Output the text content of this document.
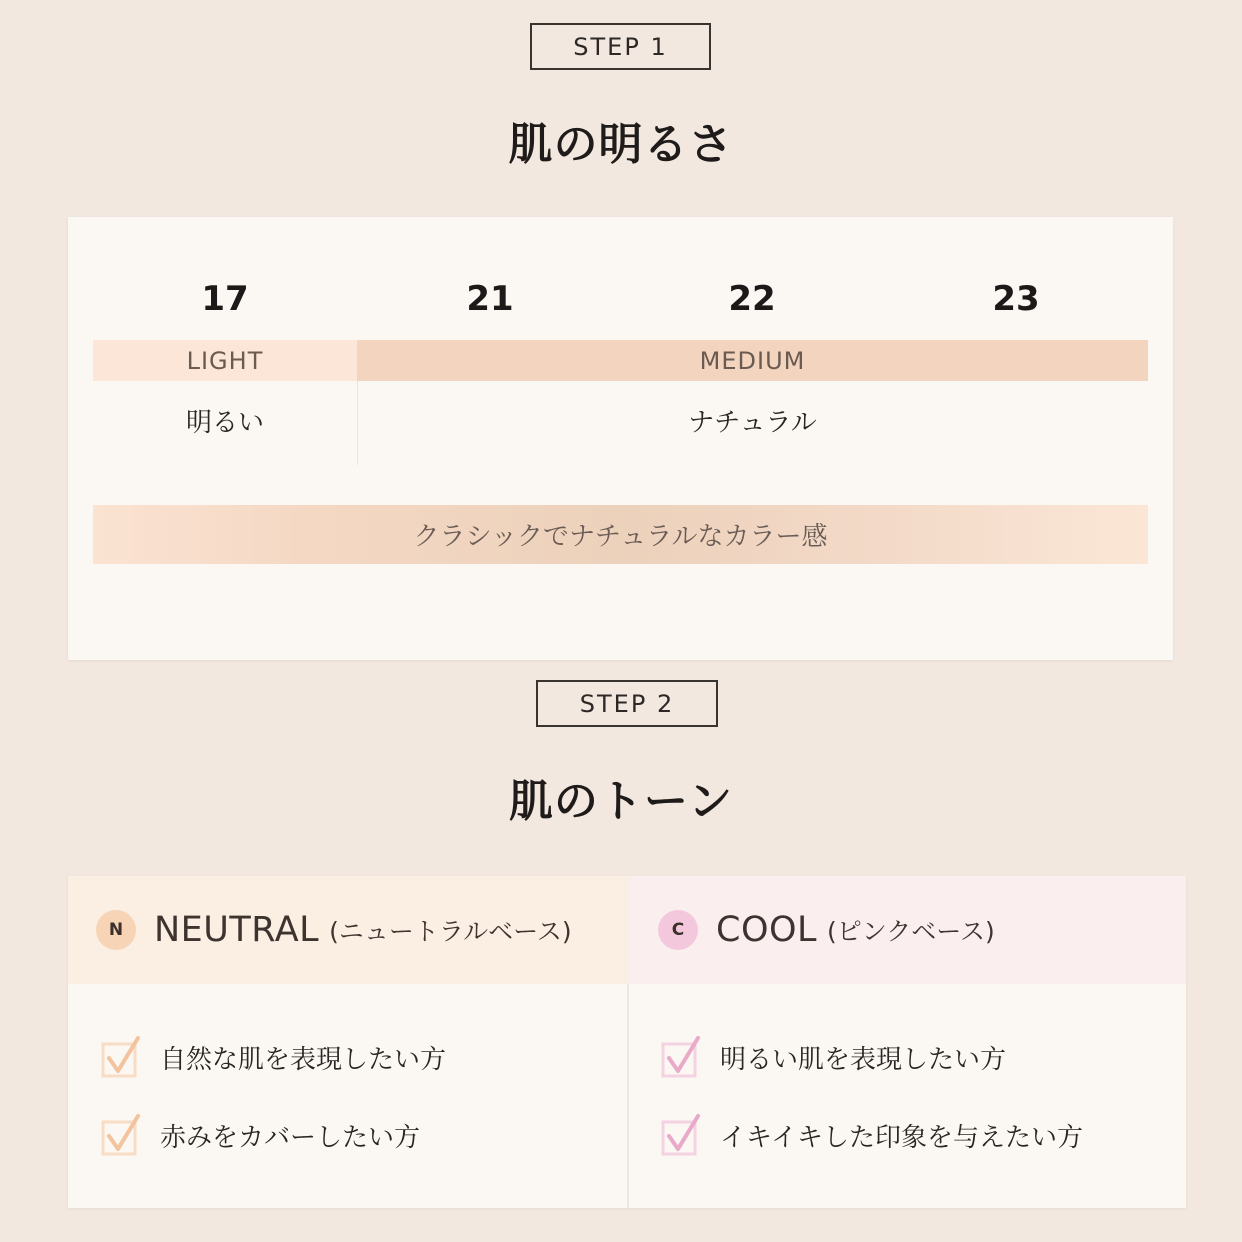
STEP 1
肌の明るさ
17	21	22	23
LIGHT	MEDIUM
明るい	ナチュラル
クラシックでナチュラルなカラー感
STEP 2
肌のトーン
N NEUTRAL (ニュートラルベース)	C COOL (ピンクベース)
自然な肌を表現したい方
赤みをカバーしたい方
明るい肌を表現したい方
イキイキした印象を与えたい方
